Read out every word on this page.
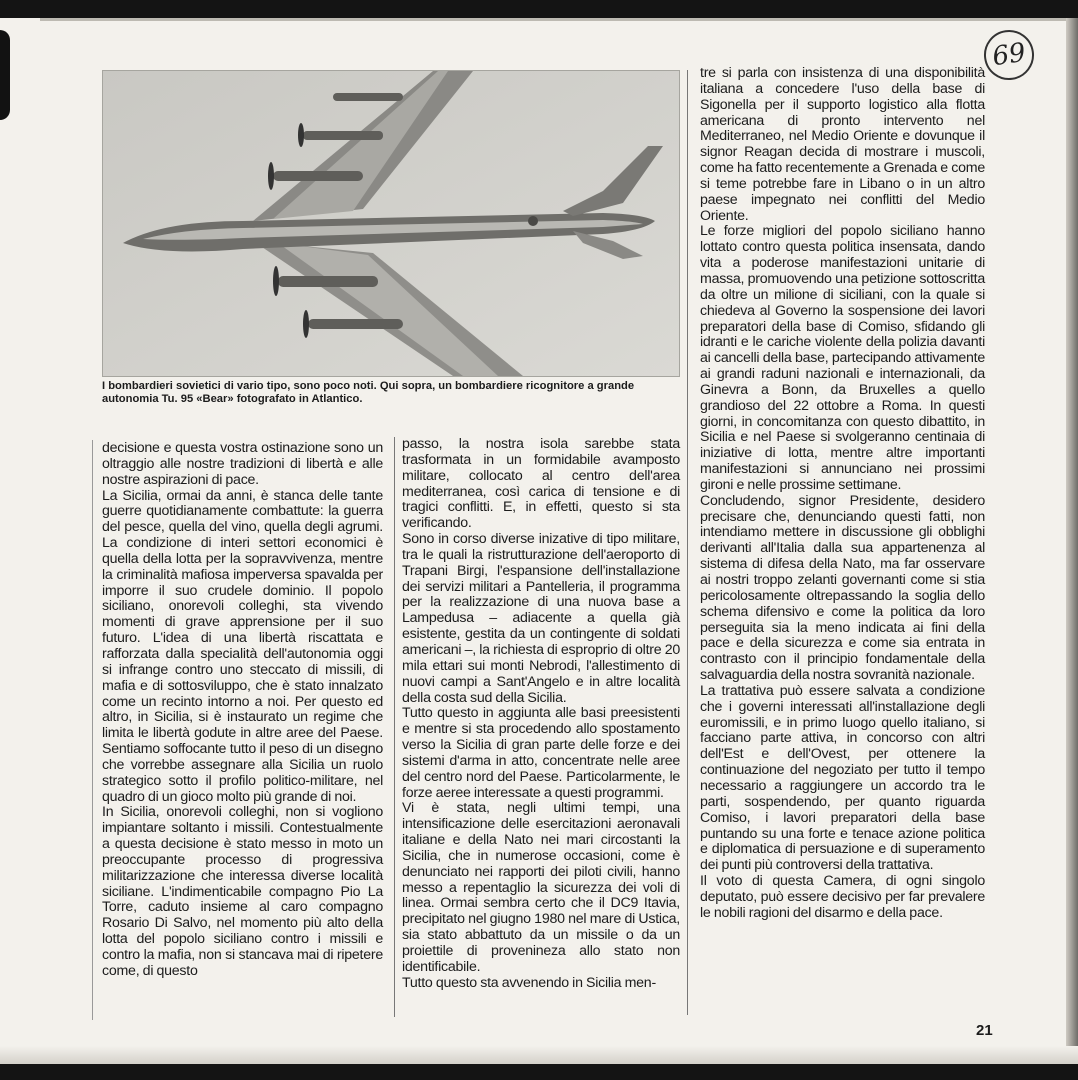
69

I bombardieri sovietici di vario tipo, sono poco noti. Qui sopra, un bombardiere ricognitore a grande autonomia Tu. 95 «Bear» fotografato in Atlantico.

decisione e questa vostra ostinazione sono un oltraggio alle nostre tradizioni di libertà e alle nostre aspirazioni di pace.

La Sicilia, ormai da anni, è stanca delle tante guerre quotidianamente combattute: la guerra del pesce, quella del vino, quella degli agrumi. La condizione di interi settori economici è quella della lotta per la sopravvivenza, mentre la criminalità mafiosa imperversa spavalda per imporre il suo crudele dominio. Il popolo siciliano, onorevoli colleghi, sta vivendo momenti di grave apprensione per il suo futuro. L'idea di una libertà riscattata e rafforzata dalla specialità dell'autonomia oggi si infrange contro uno steccato di missili, di mafia e di sottosviluppo, che è stato innalzato come un recinto intorno a noi. Per questo ed altro, in Sicilia, si è instaurato un regime che limita le libertà godute in altre aree del Paese. Sentiamo soffocante tutto il peso di un disegno che vorrebbe assegnare alla Sicilia un ruolo strategico sotto il profilo politico-militare, nel quadro di un gioco molto più grande di noi.

In Sicilia, onorevoli colleghi, non si vogliono impiantare soltanto i missili. Contestualmente a questa decisione è stato messo in moto un preoccupante processo di progressiva militarizzazione che interessa diverse località siciliane. L'indimenticabile compagno Pio La Torre, caduto insieme al caro compagno Rosario Di Salvo, nel momento più alto della lotta del popolo siciliano contro i missili e contro la mafia, non si stancava mai di ripetere come, di questo

passo, la nostra isola sarebbe stata trasformata in un formidabile avamposto militare, collocato al centro dell'area mediterranea, così carica di tensione e di tragici conflitti. E, in effetti, questo si sta verificando.

Sono in corso diverse inizative di tipo militare, tra le quali la ristrutturazione dell'aeroporto di Trapani Birgi, l'espansione dell'installazione dei servizi militari a Pantelleria, il programma per la realizzazione di una nuova base a Lampedusa – adiacente a quella già esistente, gestita da un contingente di soldati americani –, la richiesta di esproprio di oltre 20 mila ettari sui monti Nebrodi, l'allestimento di nuovi campi a Sant'Angelo e in altre località della costa sud della Sicilia.

Tutto questo in aggiunta alle basi preesistenti e mentre si sta procedendo allo spostamento verso la Sicilia di gran parte delle forze e dei sistemi d'arma in atto, concentrate nelle aree del centro nord del Paese. Particolarmente, le forze aeree interessate a questi programmi.

Vi è stata, negli ultimi tempi, una intensificazione delle esercitazioni aeronavali italiane e della Nato nei mari circostanti la Sicilia, che in numerose occasioni, come è denunciato nei rapporti dei piloti civili, hanno messo a repentaglio la sicurezza dei voli di linea. Ormai sembra certo che il DC9 Itavia, precipitato nel giugno 1980 nel mare di Ustica, sia stato abbattuto da un missile o da un proiettile di provenineza allo stato non identificabile.

Tutto questo sta avvenendo in Sicilia men-

tre si parla con insistenza di una disponibilità italiana a concedere l'uso della base di Sigonella per il supporto logistico alla flotta americana di pronto intervento nel Mediterraneo, nel Medio Oriente e dovunque il signor Reagan decida di mostrare i muscoli, come ha fatto recentemente a Grenada e come si teme potrebbe fare in Libano o in un altro paese impegnato nei conflitti del Medio Oriente.

Le forze migliori del popolo siciliano hanno lottato contro questa politica insensata, dando vita a poderose manifestazioni unitarie di massa, promuovendo una petizione sottoscritta da oltre un milione di siciliani, con la quale si chiedeva al Governo la sospensione dei lavori preparatori della base di Comiso, sfidando gli idranti e le cariche violente della polizia davanti ai cancelli della base, partecipando attivamente ai grandi raduni nazionali e internazionali, da Ginevra a Bonn, da Bruxelles a quello grandioso del 22 ottobre a Roma. In questi giorni, in concomitanza con questo dibattito, in Sicilia e nel Paese si svolgeranno centinaia di iniziative di lotta, mentre altre importanti manifestazioni si annunciano nei prossimi gironi e nelle prossime settimane.

Concludendo, signor Presidente, desidero precisare che, denunciando questi fatti, non intendiamo mettere in discussione gli obblighi derivanti all'Italia dalla sua appartenenza al sistema di difesa della Nato, ma far osservare ai nostri troppo zelanti governanti come si stia pericolosamente oltrepassando la soglia dello schema difensivo e come la politica da loro perseguita sia la meno indicata ai fini della pace e della sicurezza e come sia entrata in contrasto con il principio fondamentale della salvaguardia della nostra sovranità nazionale.

La trattativa può essere salvata a condizione che i governi interessati all'installazione degli euromissili, e in primo luogo quello italiano, si facciano parte attiva, in concorso con altri dell'Est e dell'Ovest, per ottenere la continuazione del negoziato per tutto il tempo necessario a raggiungere un accordo tra le parti, sospendendo, per quanto riguarda Comiso, i lavori preparatori della base puntando su una forte e tenace azione politica e diplomatica di persuazione e di superamento dei punti più controversi della trattativa.

Il voto di questa Camera, di ogni singolo deputato, può essere decisivo per far prevalere le nobili ragioni del disarmo e della pace.

21
